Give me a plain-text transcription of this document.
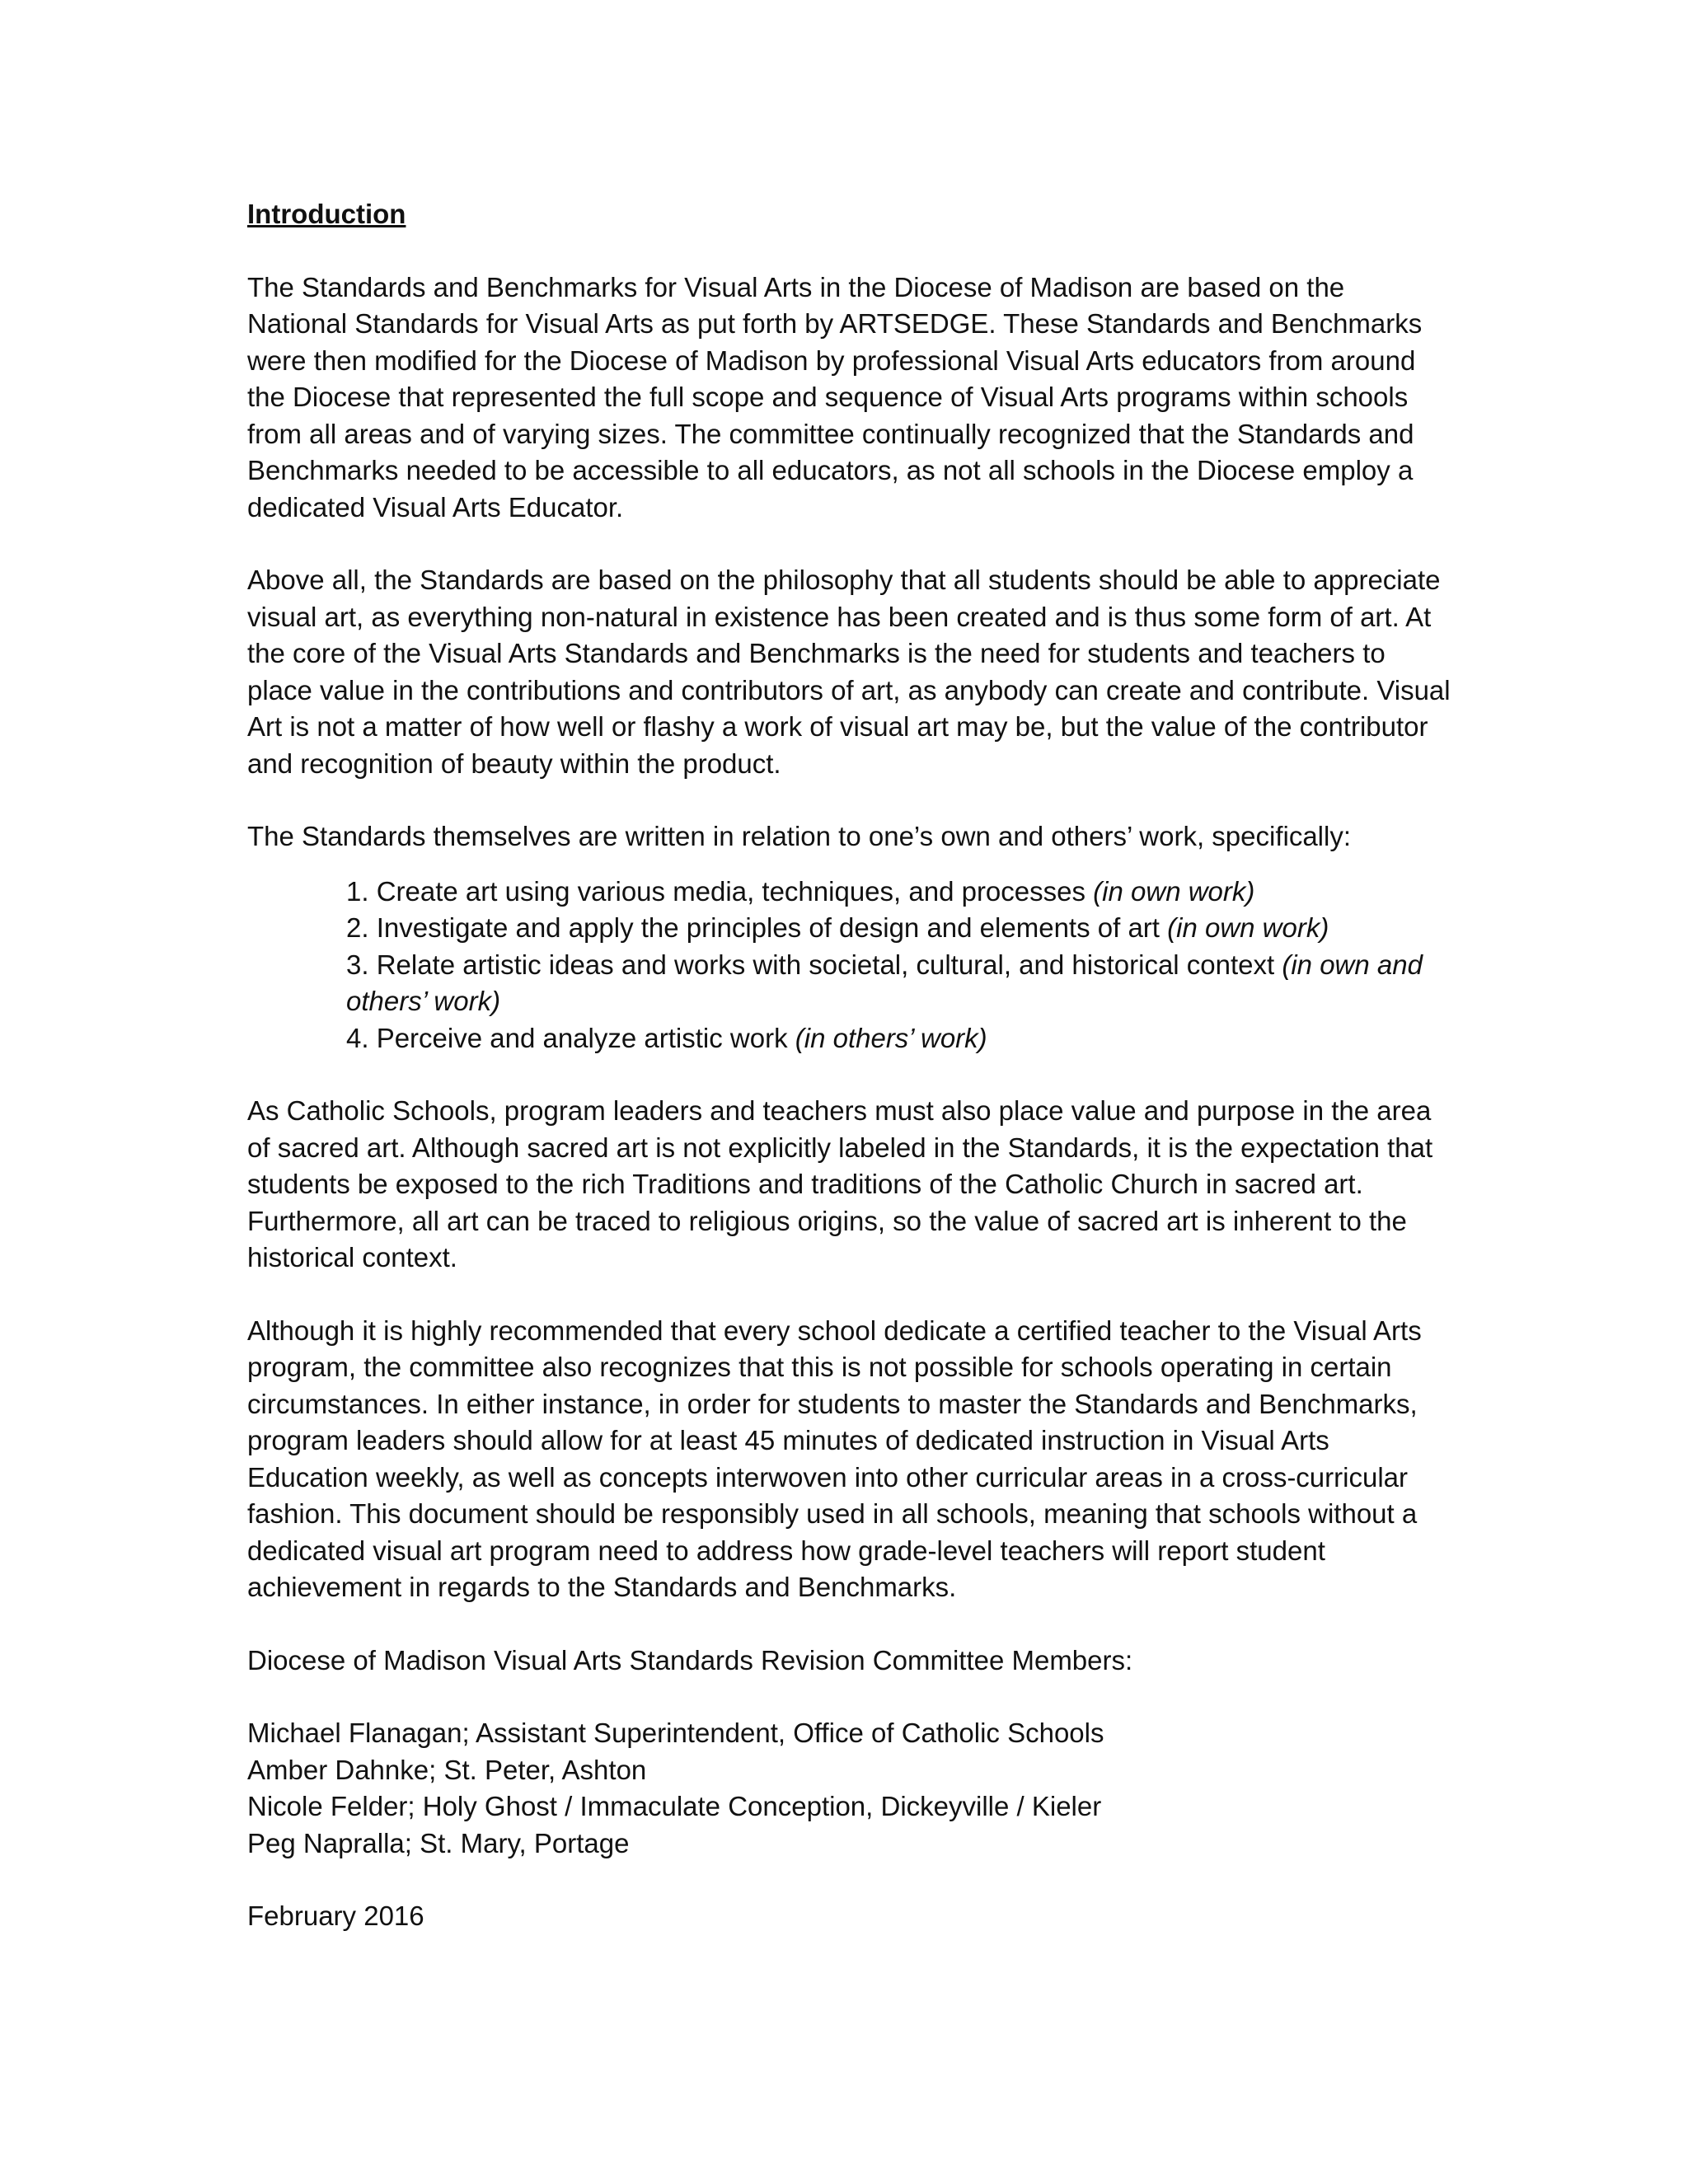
Introduction

The Standards and Benchmarks for Visual Arts in the Diocese of Madison are based on the National Standards for Visual Arts as put forth by ARTSEDGE. These Standards and Benchmarks were then modified for the Diocese of Madison by professional Visual Arts educators from around the Diocese that represented the full scope and sequence of Visual Arts programs within schools from all areas and of varying sizes. The committee continually recognized that the Standards and Benchmarks needed to be accessible to all educators, as not all schools in the Diocese employ a dedicated Visual Arts Educator.

Above all, the Standards are based on the philosophy that all students should be able to appreciate visual art, as everything non-natural in existence has been created and is thus some form of art. At the core of the Visual Arts Standards and Benchmarks is the need for students and teachers to place value in the contributions and contributors of art, as anybody can create and contribute. Visual Art is not a matter of how well or flashy a work of visual art may be, but the value of the contributor and recognition of beauty within the product.

The Standards themselves are written in relation to one’s own and others’ work, specifically:

1. Create art using various media, techniques, and processes (in own work)
2. Investigate and apply the principles of design and elements of art (in own work)
3. Relate artistic ideas and works with societal, cultural, and historical context (in own and others’ work)
4. Perceive and analyze artistic work (in others’ work)

As Catholic Schools, program leaders and teachers must also place value and purpose in the area of sacred art. Although sacred art is not explicitly labeled in the Standards, it is the expectation that students be exposed to the rich Traditions and traditions of the Catholic Church in sacred art. Furthermore, all art can be traced to religious origins, so the value of sacred art is inherent to the historical context.

Although it is highly recommended that every school dedicate a certified teacher to the Visual Arts program, the committee also recognizes that this is not possible for schools operating in certain circumstances. In either instance, in order for students to master the Standards and Benchmarks, program leaders should allow for at least 45 minutes of dedicated instruction in Visual Arts Education weekly, as well as concepts interwoven into other curricular areas in a cross-curricular fashion. This document should be responsibly used in all schools, meaning that schools without a dedicated visual art program need to address how grade-level teachers will report student achievement in regards to the Standards and Benchmarks.

Diocese of Madison Visual Arts Standards Revision Committee Members:

Michael Flanagan; Assistant Superintendent, Office of Catholic Schools
Amber Dahnke; St. Peter, Ashton
Nicole Felder; Holy Ghost / Immaculate Conception, Dickeyville / Kieler
Peg Napralla; St. Mary, Portage
February 2016
